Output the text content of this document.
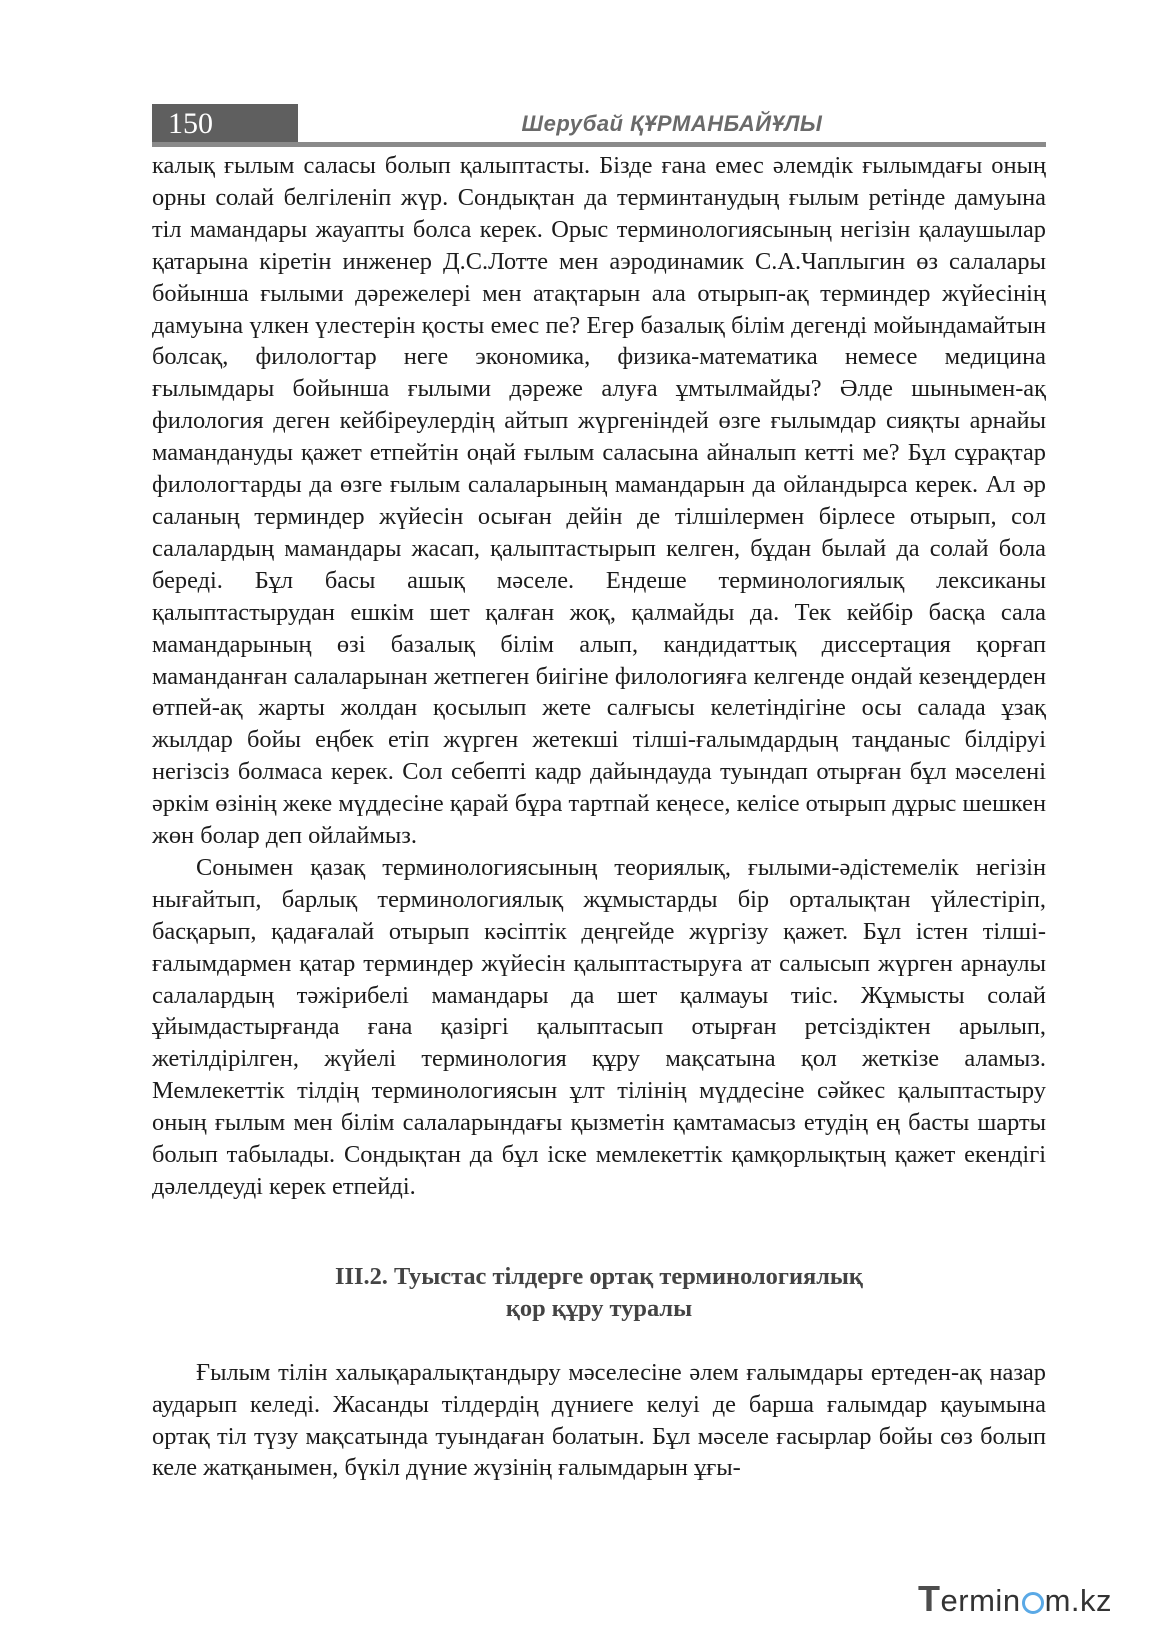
150	Шерубай ҚҰРМАНБАЙҰЛЫ

калық ғылым саласы болып қалыптасты. Бізде ғана емес әлемдік ғылымдағы оның орны солай белгіленіп жүр. Сондықтан да терминтанудың ғылым ретінде дамуына тіл мамандары жауапты болса керек. Орыс терминологиясының негізін қалаушылар қатарына кіретін инженер Д.С.Лотте мен аэродинамик С.А.Чаплыгин өз салалары бойынша ғылыми дәрежелері мен атақтарын ала отырып-ақ терминдер жүйесінің дамуына үлкен үлестерін қосты емес пе? Егер базалық білім дегенді мойындамайтын болсақ, филологтар неге экономика, физика-математика немесе медицина ғылымдары бойынша ғылыми дәреже алуға ұмтылмайды? Әлде шынымен-ақ филология деген кейбіреулердің айтып жүргеніндей өзге ғылымдар сияқты арнайы мамандануды қажет етпейтін оңай ғылым саласына айналып кетті ме? Бұл сұрақтар филологтарды да өзге ғылым салаларының мамандарын да ойландырса керек. Ал әр саланың терминдер жүйесін осыған дейін де тілшілермен бірлесе отырып, сол салалардың мамандары жасап, қалыптастырып келген, бұдан былай да солай бола береді. Бұл басы ашық мәселе. Ендеше терминологиялық лексиканы қалыптастырудан ешкім шет қалған жоқ, қалмайды да. Тек кейбір басқа сала мамандарының өзі базалық білім алып, кандидаттық диссертация қорғап маманданған салаларынан жетпеген биігіне филологияға келгенде ондай кезеңдерден өтпей-ақ жарты жолдан қосылып жете салғысы келетіндігіне осы салада ұзақ жылдар бойы еңбек етіп жүрген жетекші тілші-ғалымдардың таңданыс білдіруі негізсіз болмаса керек. Сол себепті кадр дайындауда туындап отырған бұл мәселені әркім өзінің жеке мүддесіне қарай бұра тартпай кеңесе, келісе отырып дұрыс шешкен жөн болар деп ойлаймыз.

Сонымен қазақ терминологиясының теориялық, ғылыми-әдістемелік негізін нығайтып, барлық терминологиялық жұмыстарды бір орталықтан үйлестіріп, басқарып, қадағалай отырып кәсіптік деңгейде жүргізу қажет. Бұл істен тілші-ғалымдармен қатар терминдер жүйесін қалыптастыруға ат салысып жүрген арнаулы салалардың тәжірибелі мамандары да шет қалмауы тиіс. Жұмысты солай ұйымдастырғанда ғана қазіргі қалыптасып отырған ретсіздіктен арылып, жетілдірілген, жүйелі терминология құру мақсатына қол жеткізе аламыз. Мемлекеттік тілдің терминологиясын ұлт тілінің мүддесіне сәйкес қалыптастыру оның ғылым мен білім салаларындағы қызметін қамтамасыз етудің ең басты шарты болып табылады. Сондықтан да бұл іске мемлекеттік қамқорлықтың қажет екендігі дәлелдеуді керек етпейді.

III.2. Туыстас тілдерге ортақ терминологиялық
қор құру туралы

Ғылым тілін халықаралықтандыру мәселесіне әлем ғалымдары ертеден-ақ назар аударып келеді. Жасанды тілдердің дүниеге келуі де барша ғалымдар қауымына ортақ тіл түзу мақсатында туындаған болатын. Бұл мәселе ғасырлар бойы сөз болып келе жатқанымен, бүкіл дүние жүзінің ғалымдарын ұғы-

Termin m.kz
